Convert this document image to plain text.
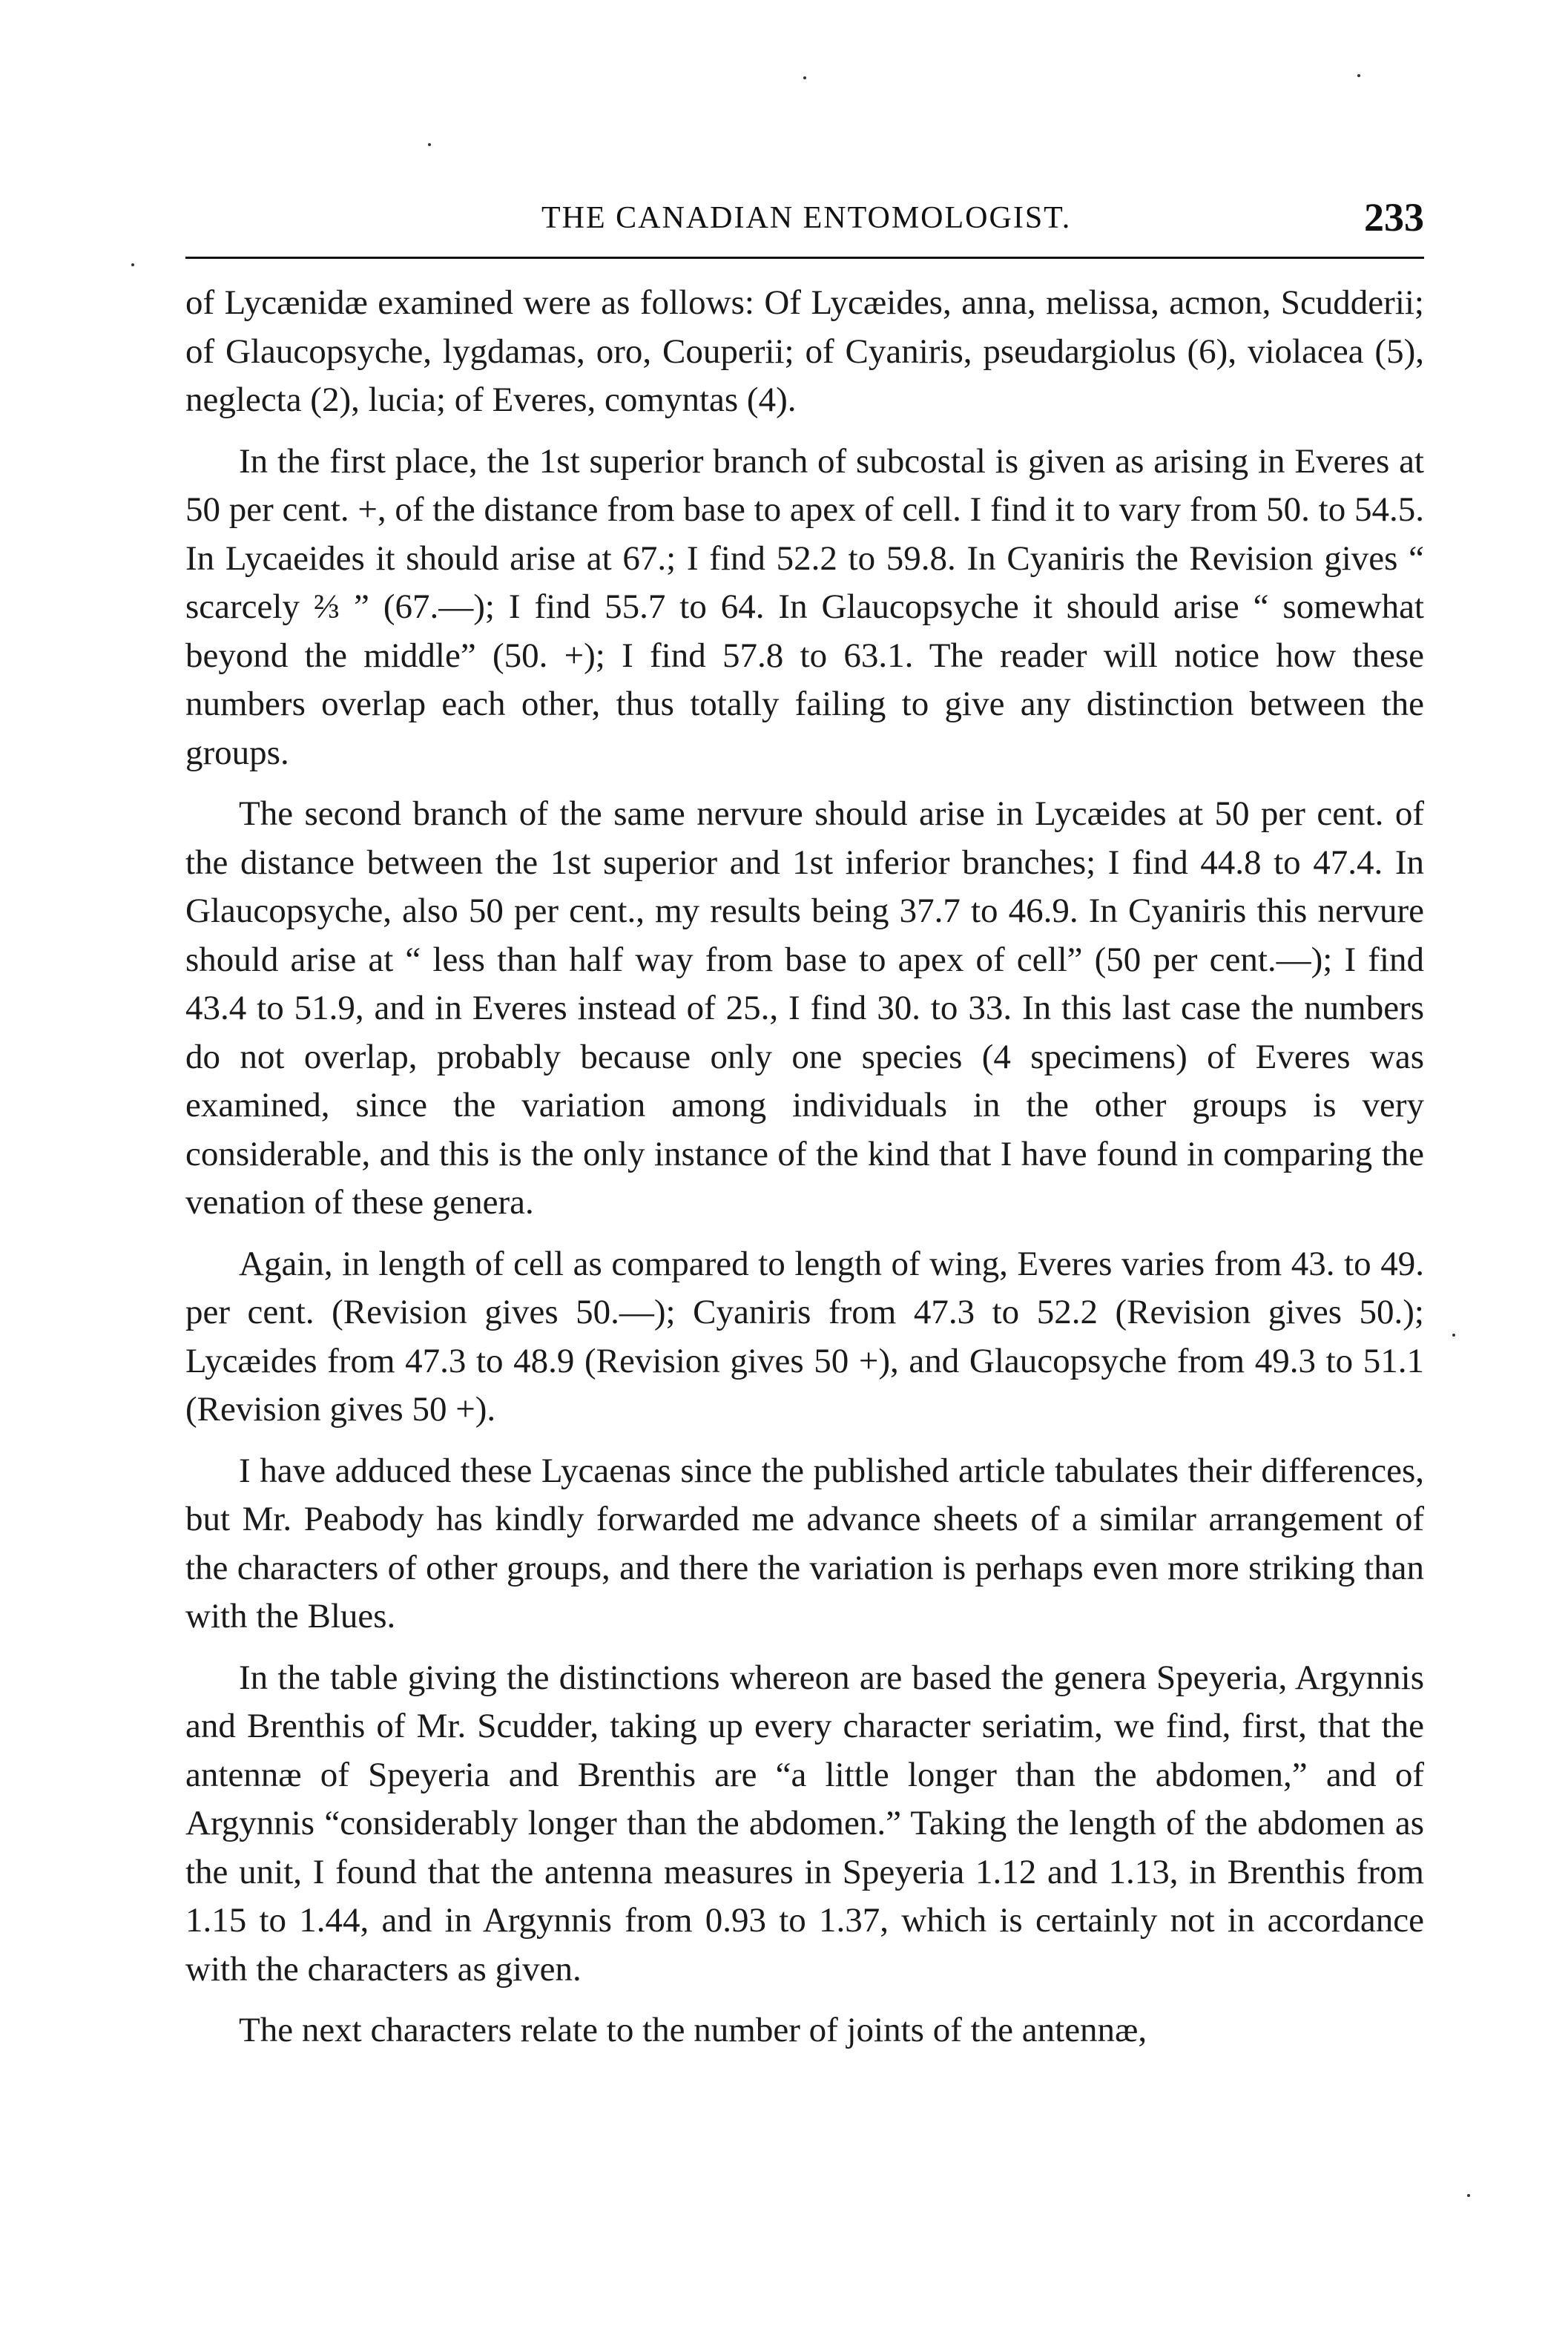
THE CANADIAN ENTOMOLOGIST.	233

of Lycænidæ examined were as follows: Of Lycæides, anna, melissa, acmon, Scudderii; of Glaucopsyche, lygdamas, oro, Couperii; of Cyaniris, pseudargiolus (6), violacea (5), neglecta (2), lucia; of Everes, comyntas (4).

In the first place, the 1st superior branch of subcostal is given as arising in Everes at 50 per cent. +, of the distance from base to apex of cell. I find it to vary from 50. to 54.5. In Lycaeides it should arise at 67.; I find 52.2 to 59.8. In Cyaniris the Revision gives “ scarcely ⅔ ” (67.—); I find 55.7 to 64. In Glaucopsyche it should arise “ somewhat beyond the middle” (50. +); I find 57.8 to 63.1. The reader will notice how these numbers overlap each other, thus totally failing to give any distinction between the groups.

The second branch of the same nervure should arise in Lycæides at 50 per cent. of the distance between the 1st superior and 1st inferior branches; I find 44.8 to 47.4. In Glaucopsyche, also 50 per cent., my results being 37.7 to 46.9. In Cyaniris this nervure should arise at “ less than half way from base to apex of cell” (50 per cent.—); I find 43.4 to 51.9, and in Everes instead of 25., I find 30. to 33. In this last case the numbers do not overlap, probably because only one species (4 specimens) of Everes was examined, since the variation among individuals in the other groups is very considerable, and this is the only instance of the kind that I have found in comparing the venation of these genera.

Again, in length of cell as compared to length of wing, Everes varies from 43. to 49. per cent. (Revision gives 50.—); Cyaniris from 47.3 to 52.2 (Revision gives 50.); Lycæides from 47.3 to 48.9 (Revision gives 50 +), and Glaucopsyche from 49.3 to 51.1 (Revision gives 50 +).

I have adduced these Lycaenas since the published article tabulates their differences, but Mr. Peabody has kindly forwarded me advance sheets of a similar arrangement of the characters of other groups, and there the variation is perhaps even more striking than with the Blues.

In the table giving the distinctions whereon are based the genera Speyeria, Argynnis and Brenthis of Mr. Scudder, taking up every character seriatim, we find, first, that the antennæ of Speyeria and Brenthis are “a little longer than the abdomen,” and of Argynnis “considerably longer than the abdomen.” Taking the length of the abdomen as the unit, I found that the antenna measures in Speyeria 1.12 and 1.13, in Brenthis from 1.15 to 1.44, and in Argynnis from 0.93 to 1.37, which is certainly not in accordance with the characters as given.

The next characters relate to the number of joints of the antennæ,
